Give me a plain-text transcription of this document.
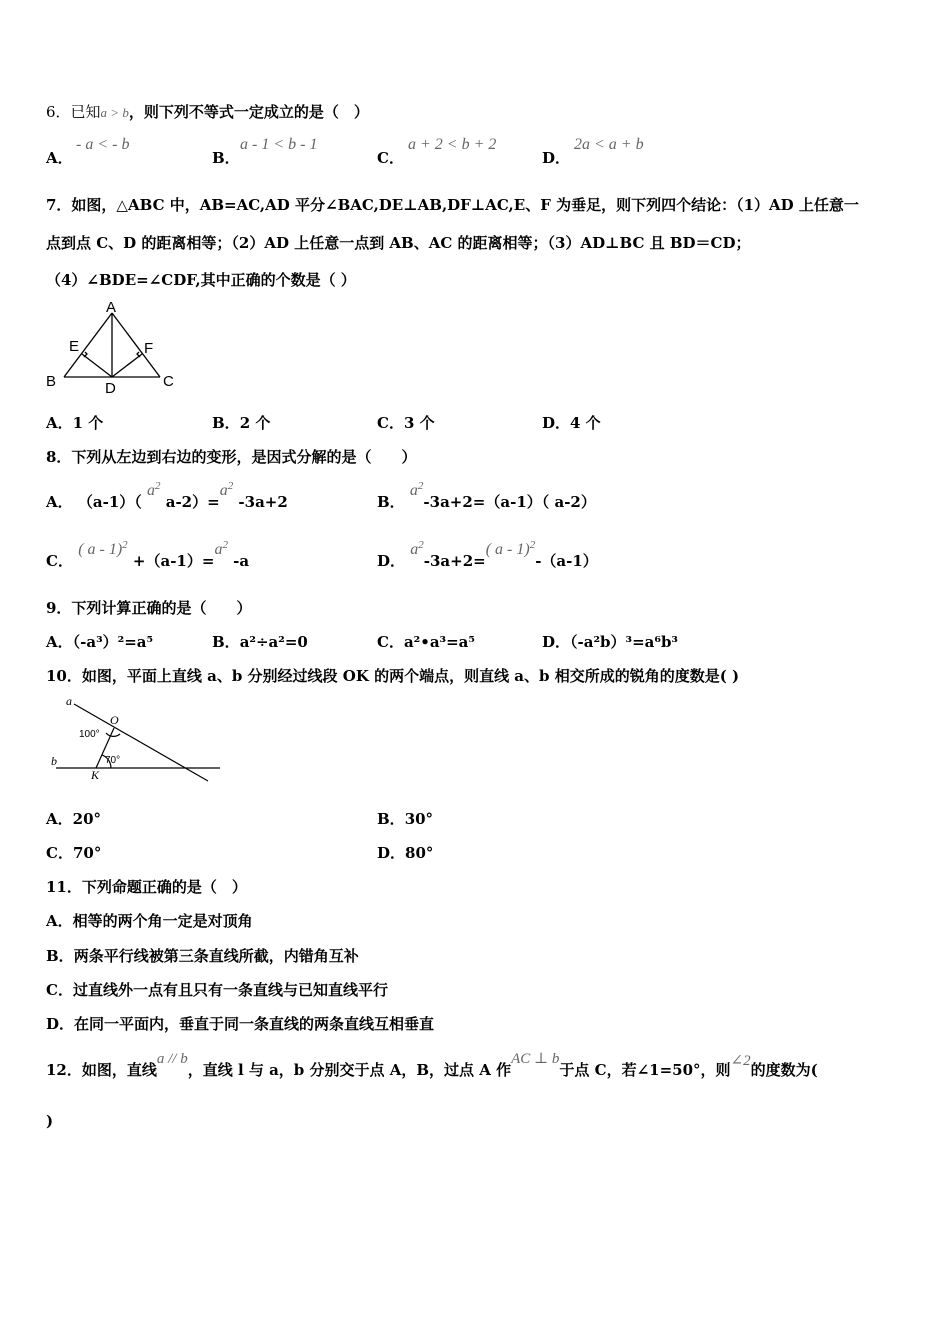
6．已知a > b，则下列不等式一定成立的是（　）
A．
- a < - b
B．
a - 1 < b - 1
C．
a + 2 < b + 2
D．
2a < a + b
7．如图，△ABC 中，AB=AC,AD 平分∠BAC,DE⊥AB,DF⊥AC,E、F 为垂足，则下列四个结论：（1）AD 上任意一
点到点 C、D 的距离相等；（2）AD 上任意一点到 AB、AC 的距离相等；（3）AD⊥BC 且 BD＝CD；
（4）∠BDE=∠CDF,其中正确的个数是（ ）
A
B	C
D
E	F
A．1 个	B．2 个	C．3 个	D．4 个
8．下列从左边到右边的变形，是因式分解的是（　　）
A． （a-1）（ $a^2$ $a-2)=a^2$ -3a+2	B． $a^2-3a+2=(a-1)$（ a-2）
C． ( $a - 1)^2 +(a-1)=a^2$ -a	D． $a^2-3a+2=$( a - 1)$^2$-（a-1）
9．下列计算正确的是（　　）
A．（-a³）²=a⁵	B．a²÷a²=0	C．a²•a³=a⁵	D．（-a²b）³=a⁶b³
10．如图，平面上直线 a、b 分别经过线段 OK 的两个端点，则直线 a、b 相交所成的锐角的度数是( )
a
b
O
K
100°
70°
A．20°	B．30°
C．70°	D．80°
11．下列命题正确的是（　）
A．相等的两个角一定是对顶角
B．两条平行线被第三条直线所截，内错角互补
C．过直线外一点有且只有一条直线与已知直线平行
D．在同一平面内，垂直于同一条直线的两条直线互相垂直
12．如图，直线a // b，直线 l 与 a，b 分别交于点 A，B，过点 A 作AC ⊥ b于点 C，若∠1=50°，则∠2的度数为(
)
